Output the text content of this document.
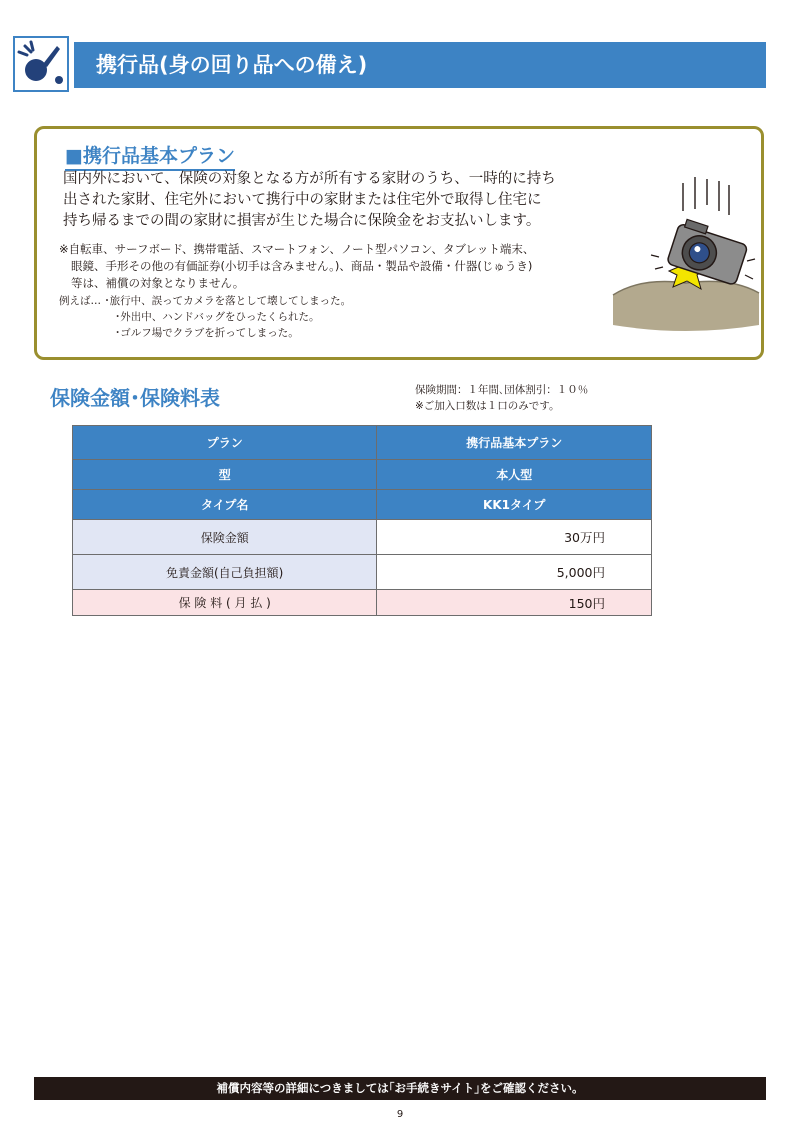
携行品(身の回り品への備え)
■携行品基本プラン
国内外において、保険の対象となる方が所有する家財のうち、一時的に持ち
出された家財、住宅外において携行中の家財または住宅外で取得し住宅に
持ち帰るまでの間の家財に損害が生じた場合に保険金をお支払いします。
※自転車、サーフボード、携帯電話、スマートフォン、ノート型パソコン、タブレット端末、
眼鏡、手形その他の有価証券(小切手は含みません。)、商品・製品や設備・什器(じゅうき)
等は、補償の対象となりません。
例えば… ･旅行中、誤ってカメラを落として壊してしまった。
･外出中、ハンドバッグをひったくられた。
･ゴルフ場でクラブを折ってしまった。
保険金額･保険料表	保険期間：１年間､団体割引：１０％
※ご加入口数は１口のみです。
プラン	携行品基本プラン
型	本人型
タイプ名	KK1タイプ
保険金額	30万円
免責金額(自己負担額)	5,000円
保 険 料 ( 月 払 )	150円
補償内容等の詳細につきましては｢お手続きサイト｣をご確認ください。
9
